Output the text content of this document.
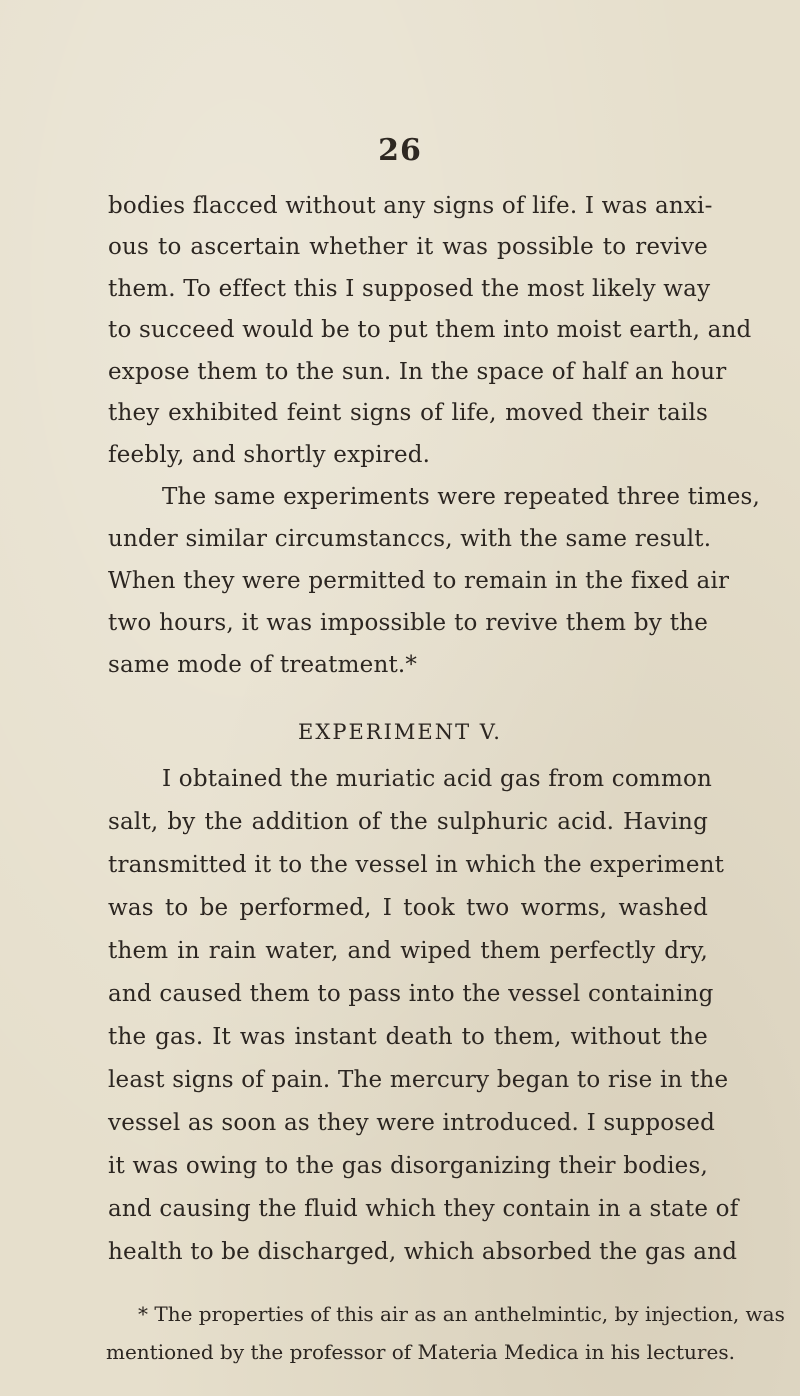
26
bodies flacced without any signs of life. I was anxi-
ous to ascertain whether it was possible to revive
them. To effect this I supposed the most likely way
to succeed would be to put them into moist earth, and
expose them to the sun. In the space of half an hour
they exhibited feint signs of life, moved their tails
feebly, and shortly expired.
The same experiments were repeated three times,
under similar circumstanccs, with the same result.
When they were permitted to remain in the fixed air
two hours, it was impossible to revive them by the
same mode of treatment.*
EXPERIMENT V.
I obtained the muriatic acid gas from common
salt, by the addition of the sulphuric acid. Having
transmitted it to the vessel in which the experiment
was to be performed, I took two worms, washed
them in rain water, and wiped them perfectly dry,
and caused them to pass into the vessel containing
the gas. It was instant death to them, without the
least signs of pain. The mercury began to rise in the
vessel as soon as they were introduced. I supposed
it was owing to the gas disorganizing their bodies,
and causing the fluid which they contain in a state of
health to be discharged, which absorbed the gas and
* The properties of this air as an anthelmintic, by injection, was
mentioned by the professor of Materia Medica in his lectures.
